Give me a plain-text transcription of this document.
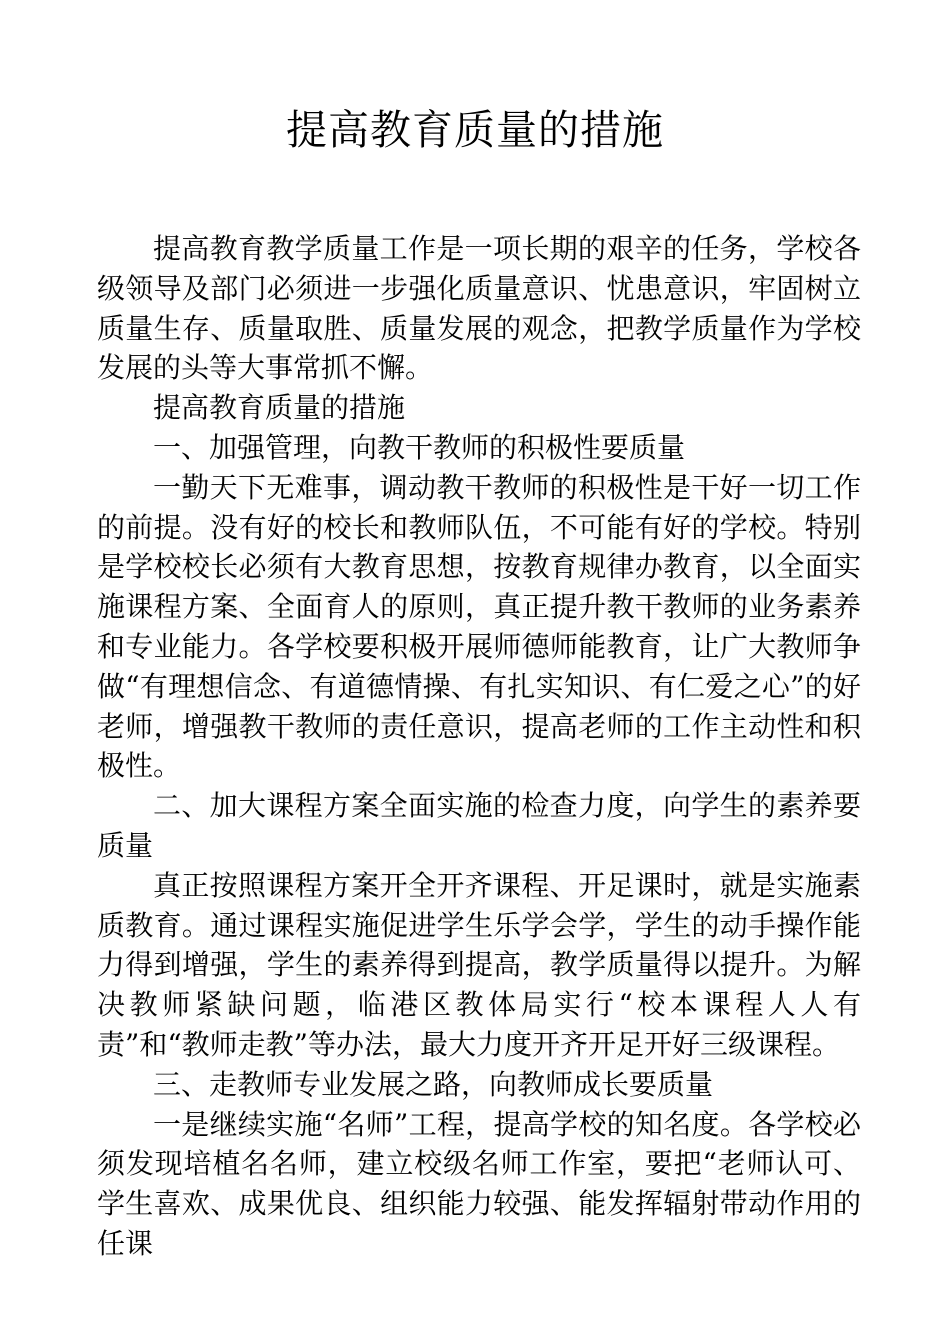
提高教育质量的措施

提高教育教学质量工作是一项长期的艰辛的任务，学校各级领导及部门必须进一步强化质量意识、忧患意识，牢固树立质量生存、质量取胜、质量发展的观念，把教学质量作为学校发展的头等大事常抓不懈。

提高教育质量的措施

一、加强管理，向教干教师的积极性要质量

一勤天下无难事，调动教干教师的积极性是干好一切工作的前提。没有好的校长和教师队伍，不可能有好的学校。特别是学校校长必须有大教育思想，按教育规律办教育，以全面实施课程方案、全面育人的原则，真正提升教干教师的业务素养和专业能力。各学校要积极开展师德师能教育，让广大教师争做“有理想信念、有道德情操、有扎实知识、有仁爱之心”的好老师，增强教干教师的责任意识，提高老师的工作主动性和积极性。

二、加大课程方案全面实施的检查力度，向学生的素养要质量

真正按照课程方案开全开齐课程、开足课时，就是实施素质教育。通过课程实施促进学生乐学会学，学生的动手操作能力得到增强，学生的素养得到提高，教学质量得以提升。为解决教师紧缺问题，临港区教体局实行“校本课程人人有责”和“教师走教”等办法，最大力度开齐开足开好三级课程。

三、走教师专业发展之路，向教师成长要质量

一是继续实施“名师”工程，提高学校的知名度。各学校必须发现培植名名师，建立校级名师工作室，要把“老师认可、学生喜欢、成果优良、组织能力较强、能发挥辐射带动作用的任课
